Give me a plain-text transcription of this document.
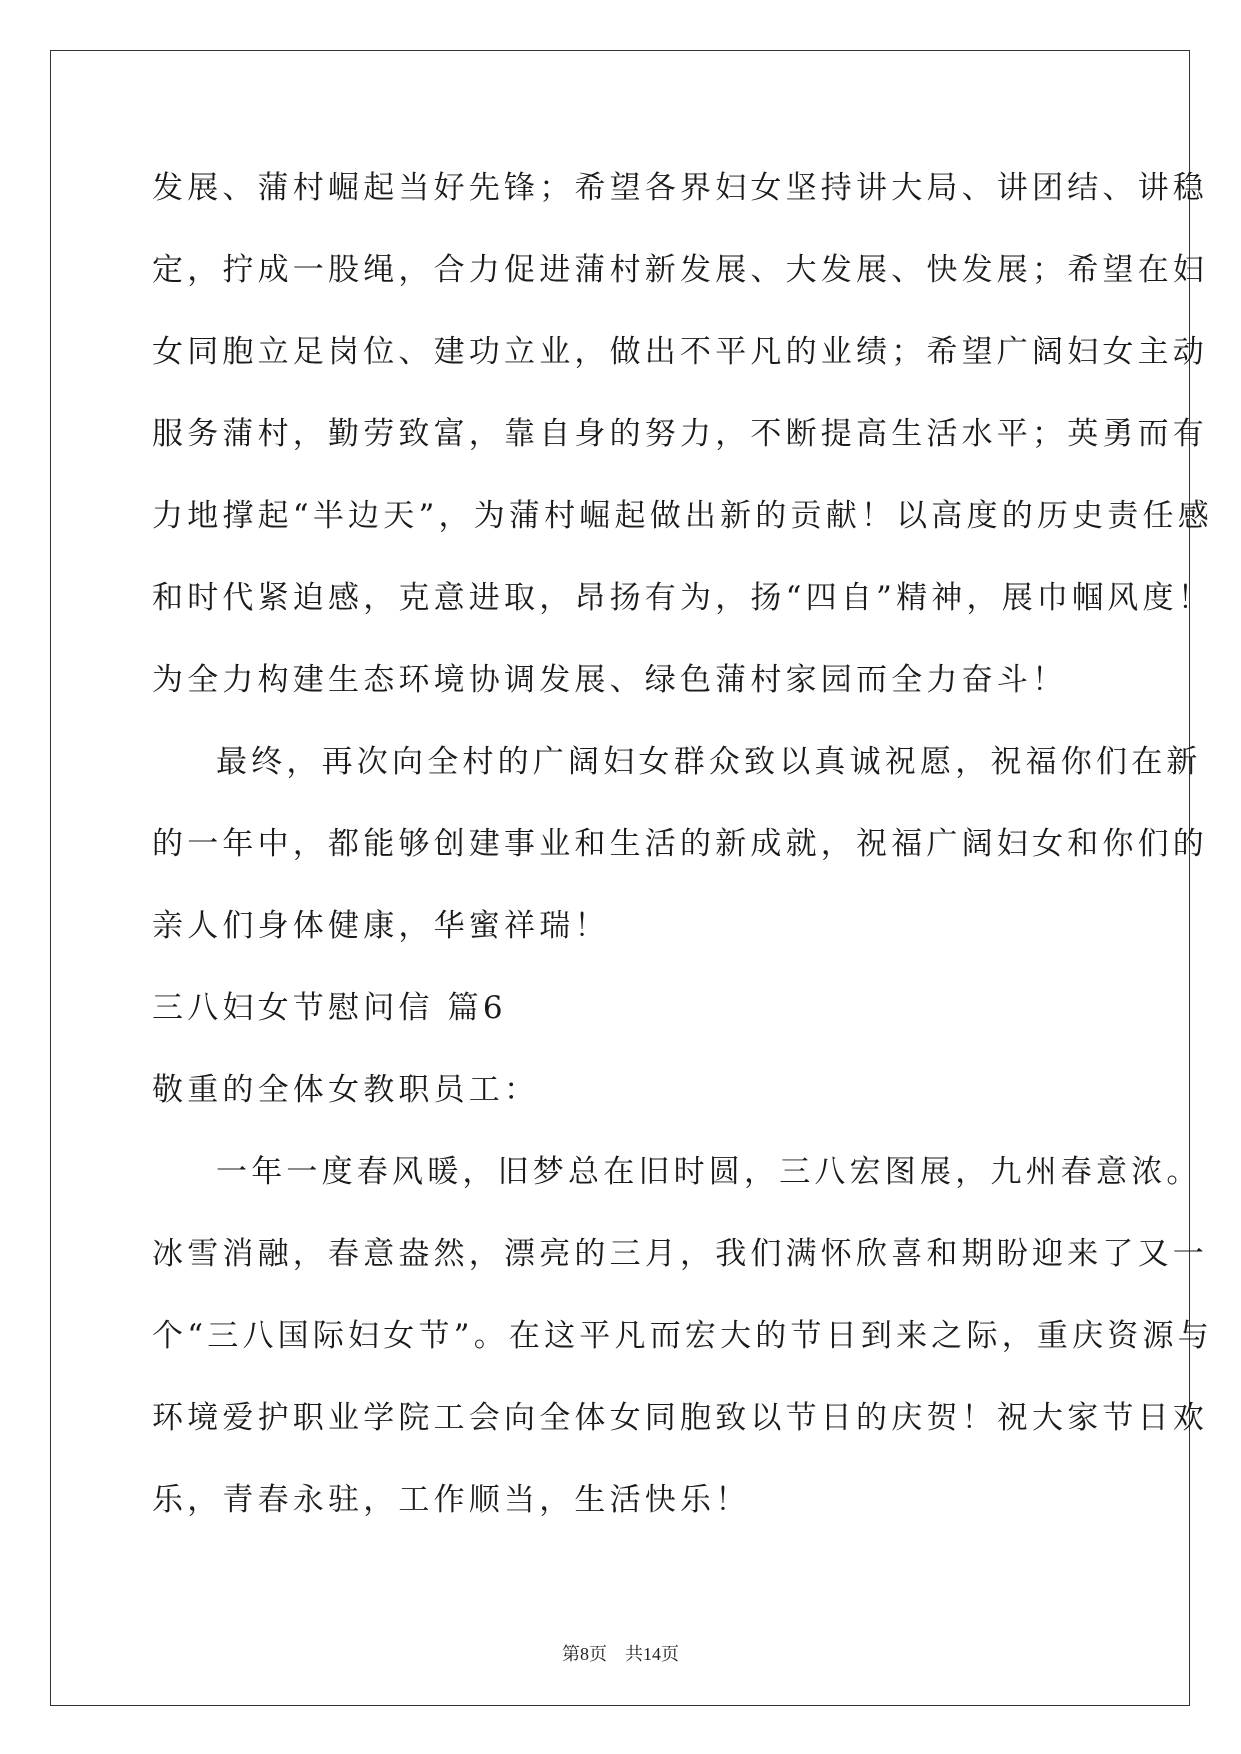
发展、蒲村崛起当好先锋；希望各界妇女坚持讲大局、讲团结、讲稳
定，拧成一股绳，合力促进蒲村新发展、大发展、快发展；希望在妇
女同胞立足岗位、建功立业，做出不平凡的业绩；希望广阔妇女主动
服务蒲村，勤劳致富，靠自身的努力，不断提高生活水平；英勇而有
力地撑起“半边天”，为蒲村崛起做出新的贡献！以高度的历史责任感
和时代紧迫感，克意进取，昂扬有为，扬“四自”精神，展巾帼风度！
为全力构建生态环境协调发展、绿色蒲村家园而全力奋斗！
最终，再次向全村的广阔妇女群众致以真诚祝愿，祝福你们在新
的一年中，都能够创建事业和生活的新成就，祝福广阔妇女和你们的
亲人们身体健康，华蜜祥瑞！
三八妇女节慰问信 篇6
敬重的全体女教职员工：
一年一度春风暖，旧梦总在旧时圆，三八宏图展，九州春意浓。
冰雪消融，春意盎然，漂亮的三月，我们满怀欣喜和期盼迎来了又一
个“三八国际妇女节”。在这平凡而宏大的节日到来之际，重庆资源与
环境爱护职业学院工会向全体女同胞致以节日的庆贺！祝大家节日欢
乐，青春永驻，工作顺当，生活快乐！
第8页 共14页
